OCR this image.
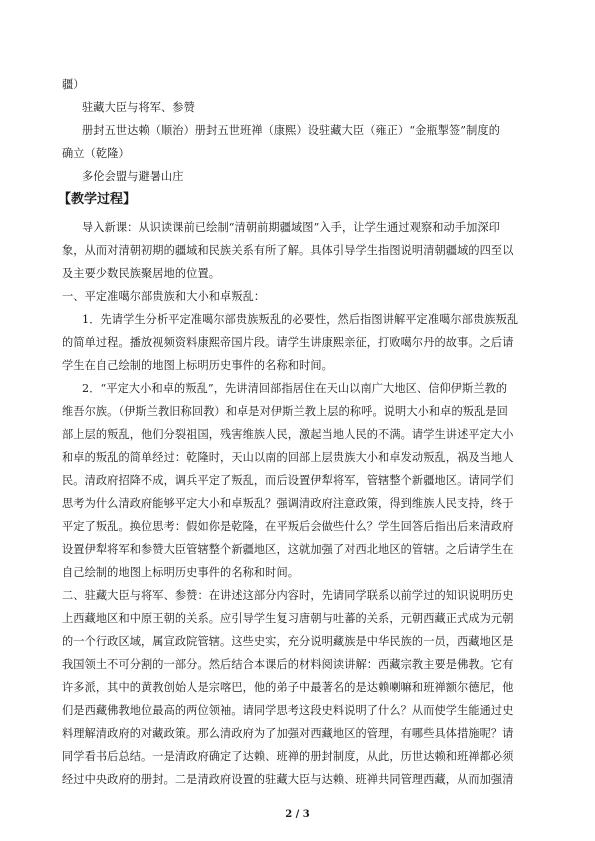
疆）
驻藏大臣与将军、参赞
册封五世达赖（顺治）册封五世班禅（康熙）设驻藏大臣（雍正）“金瓶掣签”制度的
确立（乾隆）
多伦会盟与避暑山庄
导入新课：从识读课前已绘制“清朝前期疆域图”入手，让学生通过观察和动手加深印
象，从而对清朝初期的疆域和民族关系有所了解。具体引导学生指图说明清朝疆域的四至以
及主要少数民族聚居地的位置。
一、平定准噶尔部贵族和大小和卓叛乱：
1．先请学生分析平定准噶尔部贵族叛乱的必要性，然后指图讲解平定准噶尔部贵族叛乱
的简单过程。播放视频资料康熙帝国片段。请学生讲康熙亲征，打败噶尔丹的故事。之后请
学生在自己绘制的地图上标明历史事件的名称和时间。
2．“平定大小和卓的叛乱”，先讲清回部指居住在天山以南广大地区、信仰伊斯兰教的
维吾尔族。（伊斯兰教旧称回教）和卓是对伊斯兰教上层的称呼。说明大小和卓的叛乱是回
部上层的叛乱，他们分裂祖国，残害维族人民，激起当地人民的不满。请学生讲述平定大小
和卓的叛乱的简单经过：乾隆时，天山以南的回部上层贵族大小和卓发动叛乱，祸及当地人
民。清政府招降不成，调兵平定了叛乱，而后设置伊犁将军，管辖整个新疆地区。请同学们
思考为什么清政府能够平定大小和卓叛乱？强调清政府注意政策，得到维族人民支持，终于
平定了叛乱。换位思考：假如你是乾隆，在平叛后会做些什么？学生回答后指出后来清政府
设置伊犁将军和参赞大臣管辖整个新疆地区，这就加强了对西北地区的管辖。之后请学生在
自己绘制的地图上标明历史事件的名称和时间。
二、驻藏大臣与将军、参赞：在讲述这部分内容时，先请同学联系以前学过的知识说明历史
上西藏地区和中原王朝的关系。应引导学生复习唐朝与吐蕃的关系，元朝西藏正式成为元朝
的一个行政区域，属宣政院管辖。这些史实，充分说明藏族是中华民族的一员，西藏地区是
我国领土不可分割的一部分。然后结合本课后的材料阅读讲解：西藏宗教主要是佛教。它有
许多派，其中的黄教创始人是宗喀巴，他的弟子中最著名的是达赖喇嘛和班禅额尔德尼，他
们是西藏佛教地位最高的两位领袖。请同学思考这段史料说明了什么？从而使学生能通过史
料理解清政府的对藏政策。那么清政府为了加强对西藏地区的管理，有哪些具体措施呢？请
同学看书后总结。一是清政府确定了达赖、班禅的册封制度，从此，历世达赖和班禅都必须
经过中央政府的册封。二是清政府设置的驻藏大臣与达赖、班禅共同管理西藏，从而加强清
【教学过程】
2 / 3
